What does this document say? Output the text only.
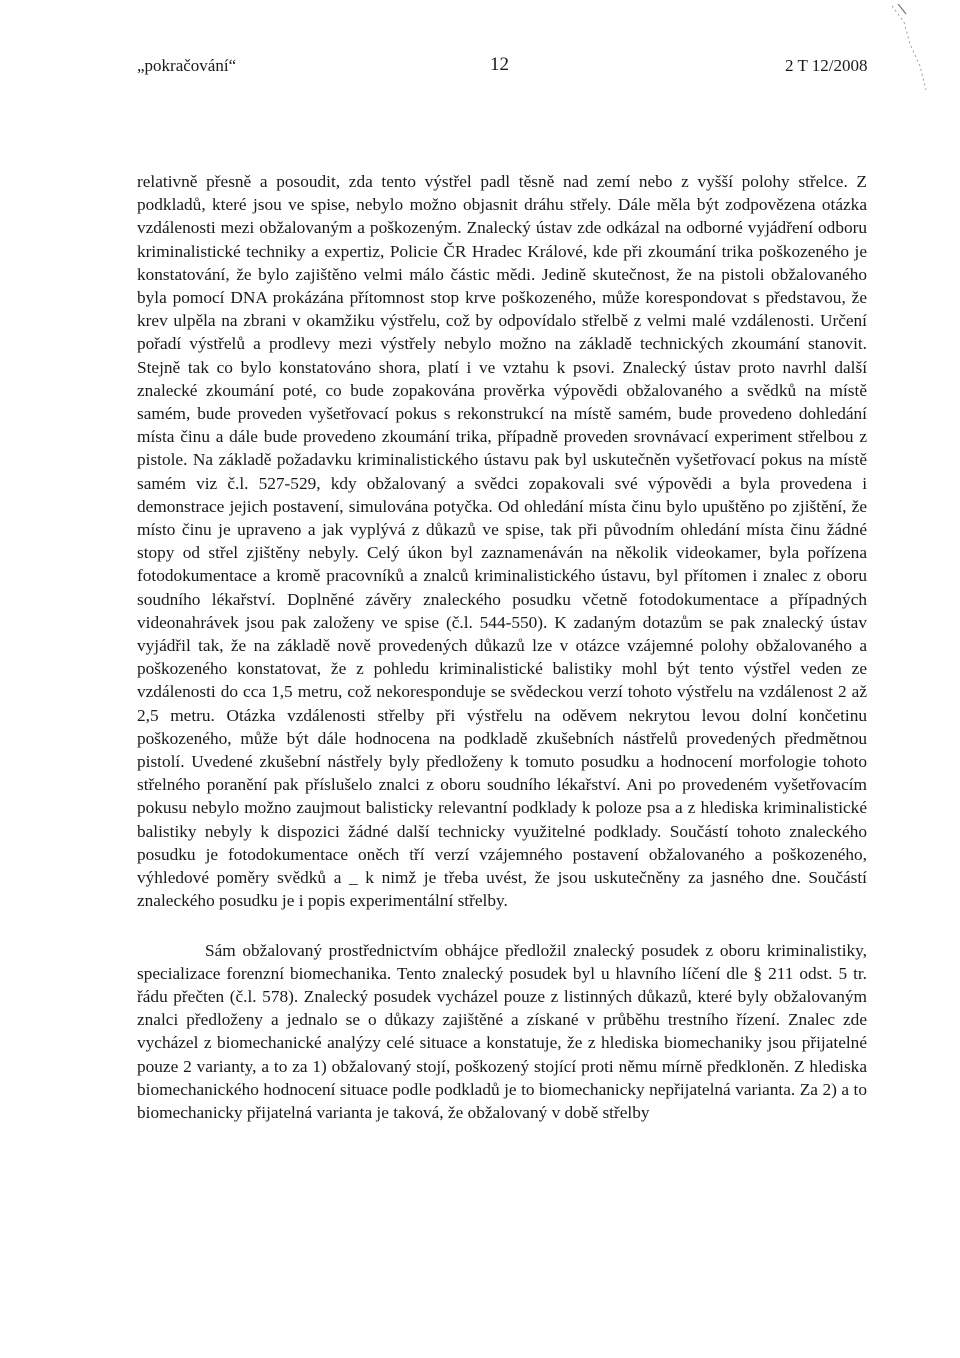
„pokračování“	12	2 T 12/2008

relativně přesně a posoudit, zda tento výstřel padl těsně nad zemí nebo z vyšší polohy střelce. Z podkladů, které jsou ve spise, nebylo možno objasnit dráhu střely. Dále měla být zodpovězena otázka vzdálenosti mezi obžalovaným a poškozeným. Znalecký ústav zde odkázal na odborné vyjádření odboru kriminalistické techniky a expertiz, Policie ČR Hradec Králové, kde při zkoumání trika poškozeného je konstatování, že bylo zajištěno velmi málo částic mědi. Jedině skutečnost, že na pistoli obžalovaného byla pomocí DNA prokázána přítomnost stop krve poškozeného, může korespondovat s představou, že krev ulpěla na zbrani v okamžiku výstřelu, což by odpovídalo střelbě z velmi malé vzdálenosti. Určení pořadí výstřelů a prodlevy mezi výstřely nebylo možno na základě technických zkoumání stanovit. Stejně tak co bylo konstatováno shora, platí i ve vztahu k psovi. Znalecký ústav proto navrhl další znalecké zkoumání poté, co bude zopakována prověrka výpovědi obžalovaného a svědků na místě samém, bude proveden vyšetřovací pokus s rekonstrukcí na místě samém, bude provedeno dohledání místa činu a dále bude provedeno zkoumání trika, případně proveden srovnávací experiment střelbou z pistole. Na základě požadavku kriminalistického ústavu pak byl uskutečněn vyšetřovací pokus na místě samém viz č.l. 527-529, kdy obžalovaný a svědci zopakovali své výpovědi a byla provedena i demonstrace jejich postavení, simulována potyčka. Od ohledání místa činu bylo upuštěno po zjištění, že místo činu je upraveno a jak vyplývá z důkazů ve spise, tak při původním ohledání místa činu žádné stopy od střel zjištěny nebyly. Celý úkon byl zaznamenáván na několik videokamer, byla pořízena fotodokumentace a kromě pracovníků a znalců kriminalistického ústavu, byl přítomen i znalec z oboru soudního lékařství. Doplněné závěry znaleckého posudku včetně fotodokumentace a případných videonahrávek jsou pak založeny ve spise (č.l. 544-550). K zadaným dotazům se pak znalecký ústav vyjádřil tak, že na základě nově provedených důkazů lze v otázce vzájemné polohy obžalovaného a poškozeného konstatovat, že z pohledu kriminalistické balistiky mohl být tento výstřel veden ze vzdálenosti do cca 1,5 metru, což nekoresponduje se svědeckou verzí tohoto výstřelu na vzdálenost 2 až 2,5 metru. Otázka vzdálenosti střelby při výstřelu na oděvem nekrytou levou dolní končetinu poškozeného, může být dále hodnocena na podkladě zkušebních nástřelů provedených předmětnou pistolí. Uvedené zkušební nástřely byly předloženy k tomuto posudku a hodnocení morfologie tohoto střelného poranění pak příslušelo znalci z oboru soudního lékařství. Ani po provedeném vyšetřovacím pokusu nebylo možno zaujmout balisticky relevantní podklady k poloze psa a z hlediska kriminalistické balistiky nebyly k dispozici žádné další technicky využitelné podklady. Součástí tohoto znaleckého posudku je fotodokumentace oněch tří verzí vzájemného postavení obžalovaného a poškozeného, výhledové poměry svědků a _ k nimž je třeba uvést, že jsou uskutečněny za jasného dne. Součástí znaleckého posudku je i popis experimentální střelby.

Sám obžalovaný prostřednictvím obhájce předložil znalecký posudek z oboru kriminalistiky, specializace forenzní biomechanika. Tento znalecký posudek byl u hlavního líčení dle § 211 odst. 5 tr. řádu přečten (č.l. 578). Znalecký posudek vycházel pouze z listinných důkazů, které byly obžalovaným znalci předloženy a jednalo se o důkazy zajištěné a získané v průběhu trestního řízení. Znalec zde vycházel z biomechanické analýzy celé situace a konstatuje, že z hlediska biomechaniky jsou přijatelné pouze 2 varianty, a to za 1) obžalovaný stojí, poškozený stojící proti němu mírně předkloněn. Z hlediska biomechanického hodnocení situace podle podkladů je to biomechanicky nepřijatelná varianta. Za 2) a to biomechanicky přijatelná varianta je taková, že obžalovaný v době střelby
